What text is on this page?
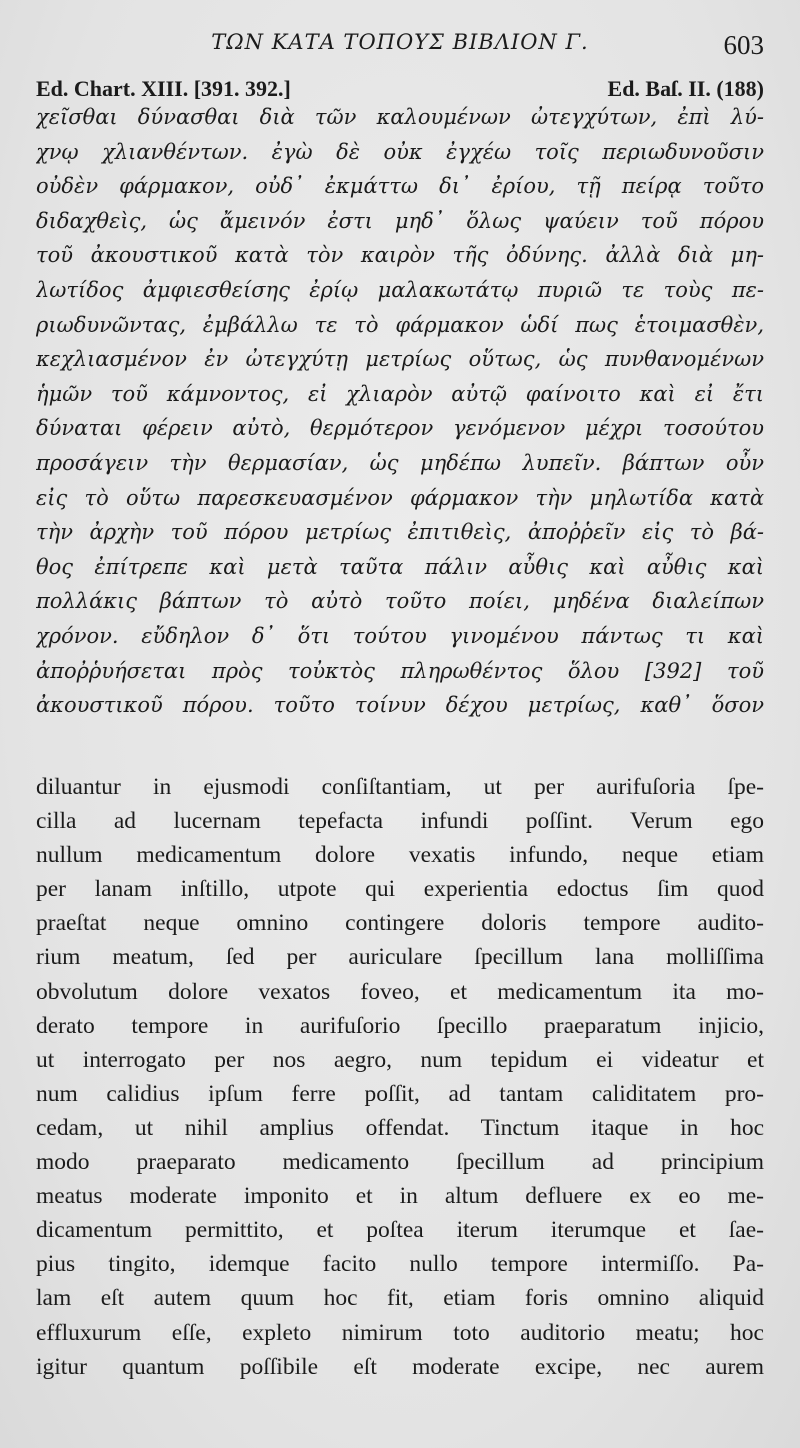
ΤΩΝ ΚΑΤΑ ΤΟΠΟΥΣ ΒΙΒΛΙΟΝ Γ.	603
Ed. Chart. XIII. [391. 392.]	Ed. Baſ. II. (188)
χεῖσθαι δύνασθαι διὰ τῶν καλουμένων ὠτεγχύτων, ἐπὶ λύ-
χνῳ χλιανθέντων. ἐγὼ δὲ οὐκ ἐγχέω τοῖς περιωδυνοῦσιν
οὐδὲν φάρμακον, οὐδ᾽ ἐκμάττω δι᾽ ἐρίου, τῇ πείρᾳ τοῦτο
διδαχθεὶς, ὡς ἄμεινόν ἐστι μηδ᾽ ὅλως ψαύειν τοῦ πόρου
τοῦ ἀκουστικοῦ κατὰ τὸν καιρὸν τῆς ὀδύνης. ἀλλὰ διὰ μη-
λωτίδος ἀμφιεσθείσης ἐρίῳ μαλακωτάτῳ πυριῶ τε τοὺς πε-
ριωδυνῶντας, ἐμβάλλω τε τὸ φάρμακον ὡδί πως ἑτοιμασθὲν,
κεχλιασμένον ἐν ὠτεγχύτῃ μετρίως οὕτως, ὡς πυνθανομένων
ἡμῶν τοῦ κάμνοντος, εἰ χλιαρὸν αὐτῷ φαίνοιτο καὶ εἰ ἔτι
δύναται φέρειν αὐτὸ, θερμότερον γενόμενον μέχρι τοσούτου
προσάγειν τὴν θερμασίαν, ὡς μηδέπω λυπεῖν. βάπτων οὖν
εἰς τὸ οὕτω παρεσκευασμένον φάρμακον τὴν μηλωτίδα κατὰ
τὴν ἀρχὴν τοῦ πόρου μετρίως ἐπιτιθεὶς, ἀποῤῥεῖν εἰς τὸ βά-
θος ἐπίτρεπε καὶ μετὰ ταῦτα πάλιν αὖθις καὶ αὖθις καὶ
πολλάκις βάπτων τὸ αὐτὸ τοῦτο ποίει, μηδένα διαλείπων
χρόνον. εὔδηλον δ᾽ ὅτι τούτου γινομένου πάντως τι καὶ
ἀποῤῥυήσεται πρὸς τοὐκτὸς πληρωθέντος ὅλου [392] τοῦ
ἀκουστικοῦ πόρου. τοῦτο τοίνυν δέχου μετρίως, καθ᾽ ὅσον
diluantur in ejusmodi conſiſtantiam, ut per aurifuſoria ſpe-
cilla ad lucernam tepefacta infundi poſſint. Verum ego
nullum medicamentum dolore vexatis infundo, neque etiam
per lanam inſtillo, utpote qui experientia edoctus ſim quod
praeſtat neque omnino contingere doloris tempore audito-
rium meatum, ſed per auriculare ſpecillum lana molliſſima
obvolutum dolore vexatos foveo, et medicamentum ita mo-
derato tempore in aurifuſorio ſpecillo praeparatum injicio,
ut interrogato per nos aegro, num tepidum ei videatur et
num calidius ipſum ferre poſſit, ad tantam caliditatem pro-
cedam, ut nihil amplius offendat. Tinctum itaque in hoc
modo praeparato medicamento ſpecillum ad principium
meatus moderate imponito et in altum defluere ex eo me-
dicamentum permittito, et poſtea iterum iterumque et ſae-
pius tingito, idemque facito nullo tempore intermiſſo. Pa-
lam eſt autem quum hoc fit, etiam foris omnino aliquid
effluxurum eſſe, expleto nimirum toto auditorio meatu; hoc
igitur quantum poſſibile eſt moderate excipe, nec aurem
